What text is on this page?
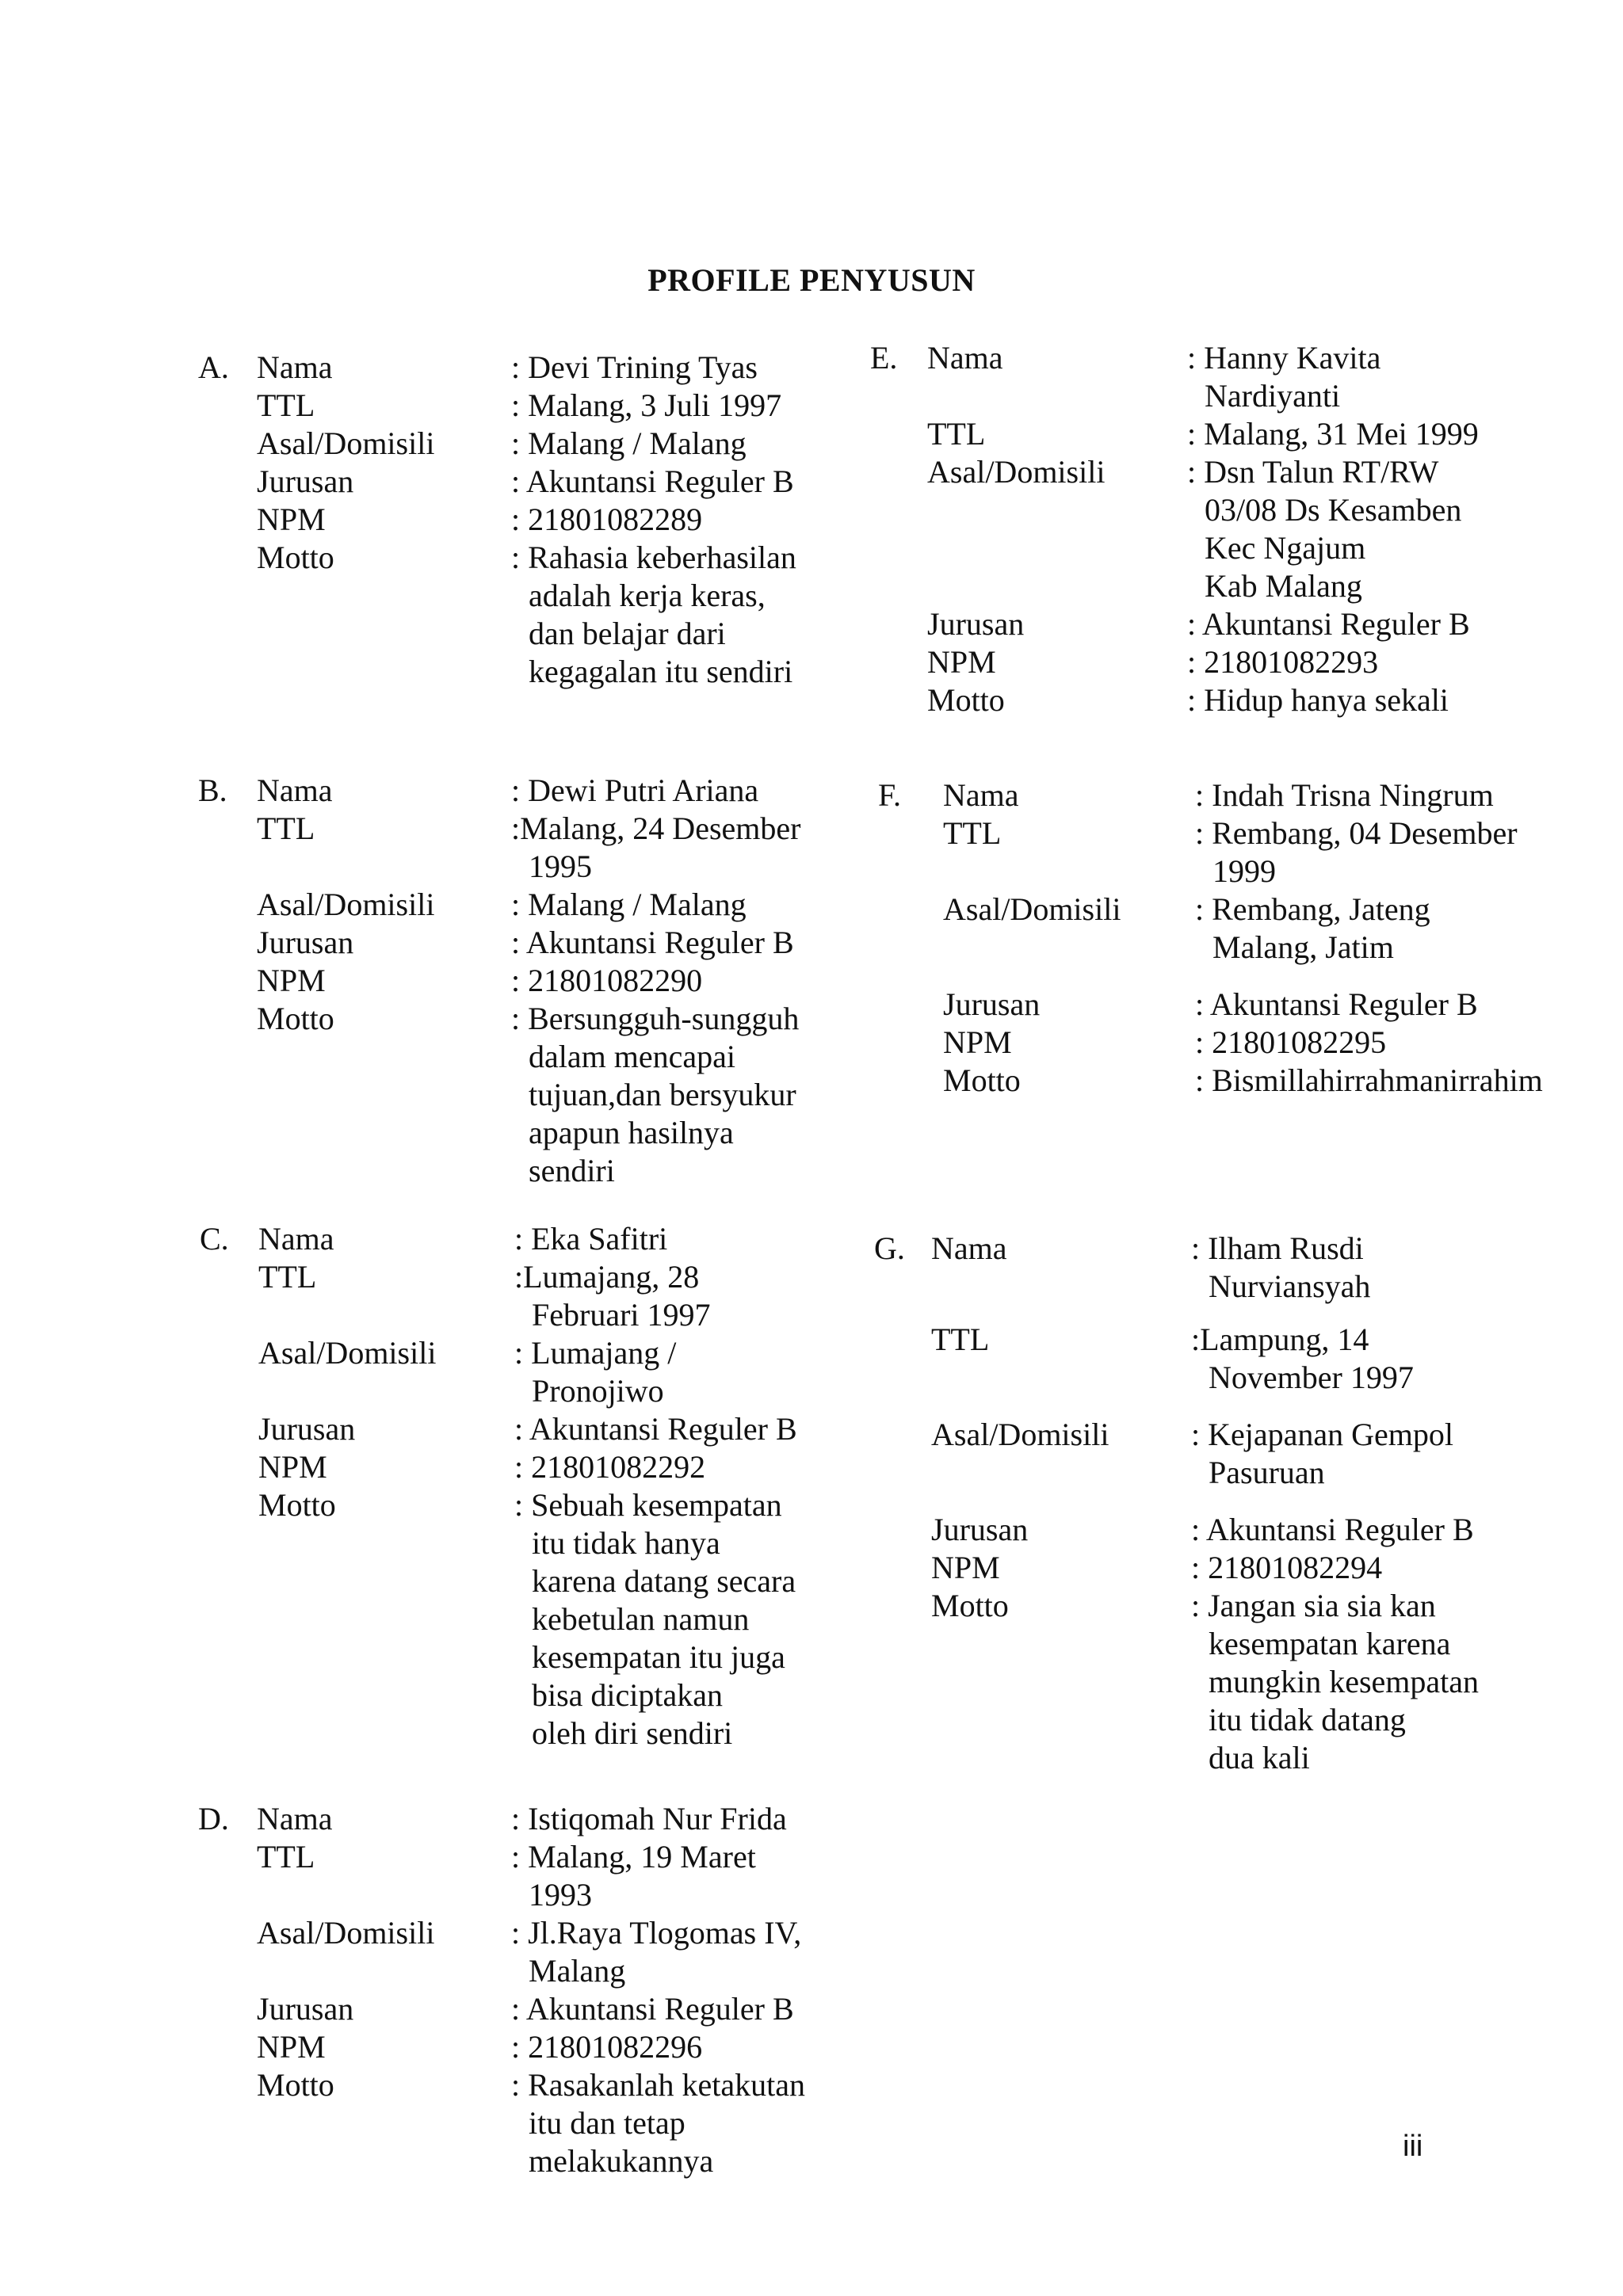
PROFILE PENYUSUN
A. Nama	: Devi Trining Tyas
TTL	: Malang, 3 Juli 1997
Asal/Domisili : Malang / Malang
Jurusan	: Akuntansi Reguler B
NPM	: 21801082289
Motto	: Rahasia keberhasilan
adalah kerja keras,
dan belajar dari
kegagalan itu sendiri
B. Nama	: Dewi Putri Ariana
TTL	:Malang, 24 Desember
1995
Asal/Domisili : Malang / Malang
Jurusan	: Akuntansi Reguler B
NPM	: 21801082290
Motto	: Bersungguh-sungguh
dalam mencapai
tujuan,dan bersyukur
apapun hasilnya
sendiri
C. Nama	: Eka Safitri
TTL	:Lumajang, 28
Februari 1997
Asal/Domisili : Lumajang /
Pronojiwo
Jurusan	: Akuntansi Reguler B
NPM	: 21801082292
Motto	: Sebuah kesempatan
itu tidak hanya
karena datang secara
kebetulan namun
kesempatan itu juga
bisa diciptakan
oleh diri sendiri
D. Nama	: Istiqomah Nur Frida
TTL	: Malang, 19 Maret
1993
Asal/Domisili : Jl.Raya Tlogomas IV,
Malang
Jurusan	: Akuntansi Reguler B
NPM	: 21801082296
Motto	: Rasakanlah ketakutan
itu dan tetap
melakukannya
E. Nama	: Hanny Kavita
Nardiyanti
TTL	: Malang, 31 Mei 1999
Asal/Domisili	: Dsn Talun RT/RW
03/08 Ds Kesamben
Kec Ngajum
Kab Malang
Jurusan	: Akuntansi Reguler B
NPM	: 21801082293
Motto	: Hidup hanya sekali
F. Nama	: Indah Trisna Ningrum
TTL	: Rembang, 04 Desember
1999
Asal/Domisili : Rembang, Jateng
Malang, Jatim
Jurusan	: Akuntansi Reguler B
NPM	: 21801082295
Motto	: Bismillahirrahmanirrahim
G. Nama	: Ilham Rusdi
Nurviansyah
TTL	:Lampung, 14
November 1997
Asal/Domisili	: Kejapanan Gempol
Pasuruan
Jurusan	: Akuntansi Reguler B
NPM	: 21801082294
Motto	: Jangan sia sia kan
kesempatan karena
mungkin kesempatan
itu tidak datang
dua kali
iii
